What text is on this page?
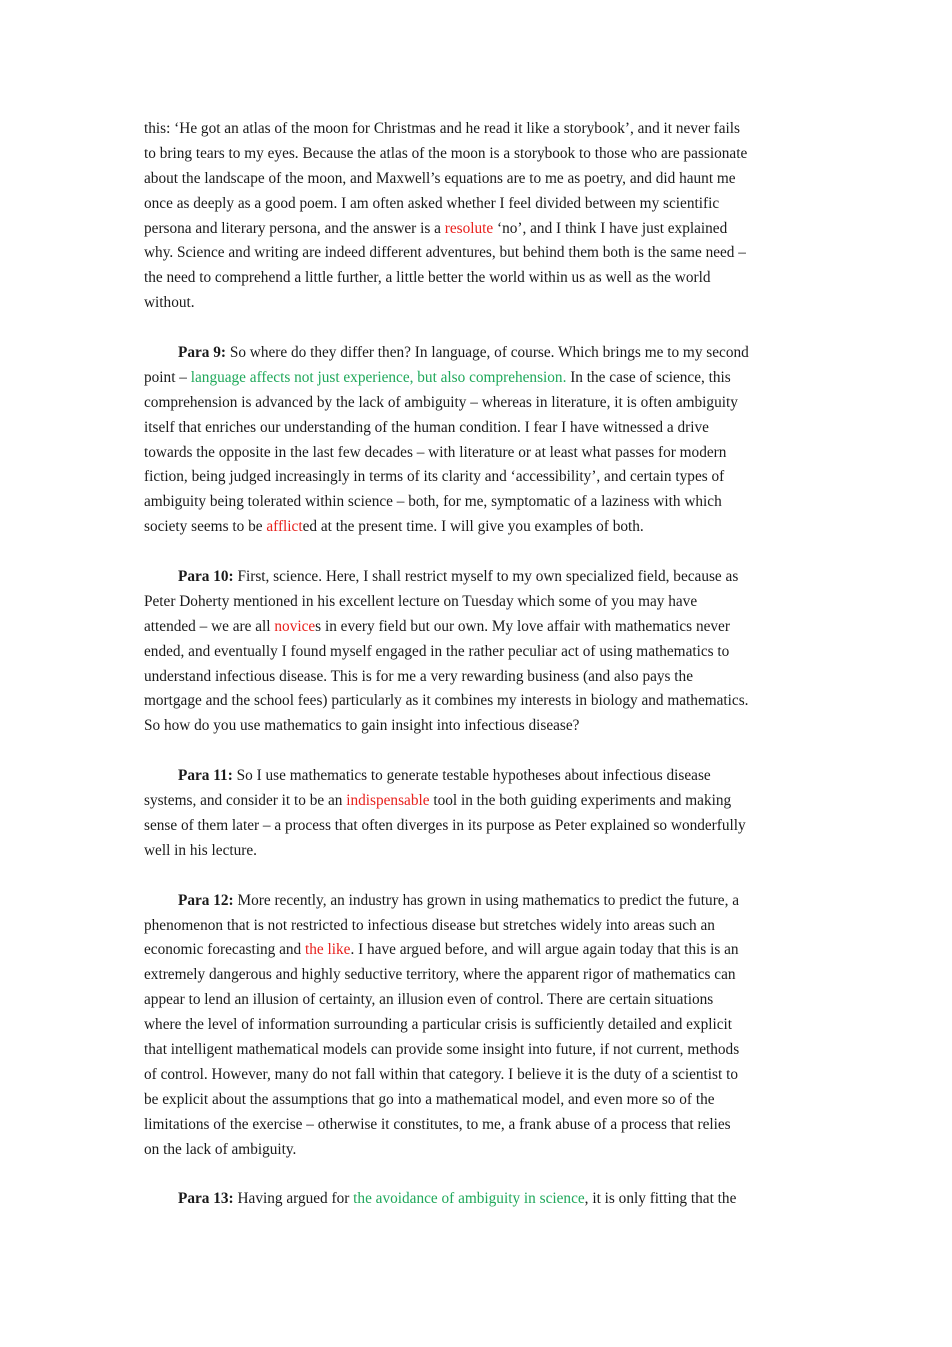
this: ‘He got an atlas of the moon for Christmas and he read it like a storybook’, and it never fails
to bring tears to my eyes. Because the atlas of the moon is a storybook to those who are passionate
about the landscape of the moon, and Maxwell’s equations are to me as poetry, and did haunt me
once as deeply as a good poem. I am often asked whether I feel divided between my scientific
persona and literary persona, and the answer is a resolute ‘no’, and I think I have just explained
why. Science and writing are indeed different adventures, but behind them both is the same need –
the need to comprehend a little further, a little better the world within us as well as the world
without.
Para 9: So where do they differ then? In language, of course. Which brings me to my second
point – language affects not just experience, but also comprehension. In the case of science, this
comprehension is advanced by the lack of ambiguity – whereas in literature, it is often ambiguity
itself that enriches our understanding of the human condition. I fear I have witnessed a drive
towards the opposite in the last few decades – with literature or at least what passes for modern
fiction, being judged increasingly in terms of its clarity and ‘accessibility’, and certain types of
ambiguity being tolerated within science – both, for me, symptomatic of a laziness with which
society seems to be afflicted at the present time. I will give you examples of both.
Para 10: First, science. Here, I shall restrict myself to my own specialized field, because as
Peter Doherty mentioned in his excellent lecture on Tuesday which some of you may have
attended – we are all novices in every field but our own. My love affair with mathematics never
ended, and eventually I found myself engaged in the rather peculiar act of using mathematics to
understand infectious disease. This is for me a very rewarding business (and also pays the
mortgage and the school fees) particularly as it combines my interests in biology and mathematics.
So how do you use mathematics to gain insight into infectious disease?
Para 11: So I use mathematics to generate testable hypotheses about infectious disease
systems, and consider it to be an indispensable tool in the both guiding experiments and making
sense of them later – a process that often diverges in its purpose as Peter explained so wonderfully
well in his lecture.
Para 12: More recently, an industry has grown in using mathematics to predict the future, a
phenomenon that is not restricted to infectious disease but stretches widely into areas such an
economic forecasting and the like. I have argued before, and will argue again today that this is an
extremely dangerous and highly seductive territory, where the apparent rigor of mathematics can
appear to lend an illusion of certainty, an illusion even of control. There are certain situations
where the level of information surrounding a particular crisis is sufficiently detailed and explicit
that intelligent mathematical models can provide some insight into future, if not current, methods
of control. However, many do not fall within that category. I believe it is the duty of a scientist to
be explicit about the assumptions that go into a mathematical model, and even more so of the
limitations of the exercise – otherwise it constitutes, to me, a frank abuse of a process that relies
on the lack of ambiguity.
Para 13: Having argued for the avoidance of ambiguity in science, it is only fitting that the
